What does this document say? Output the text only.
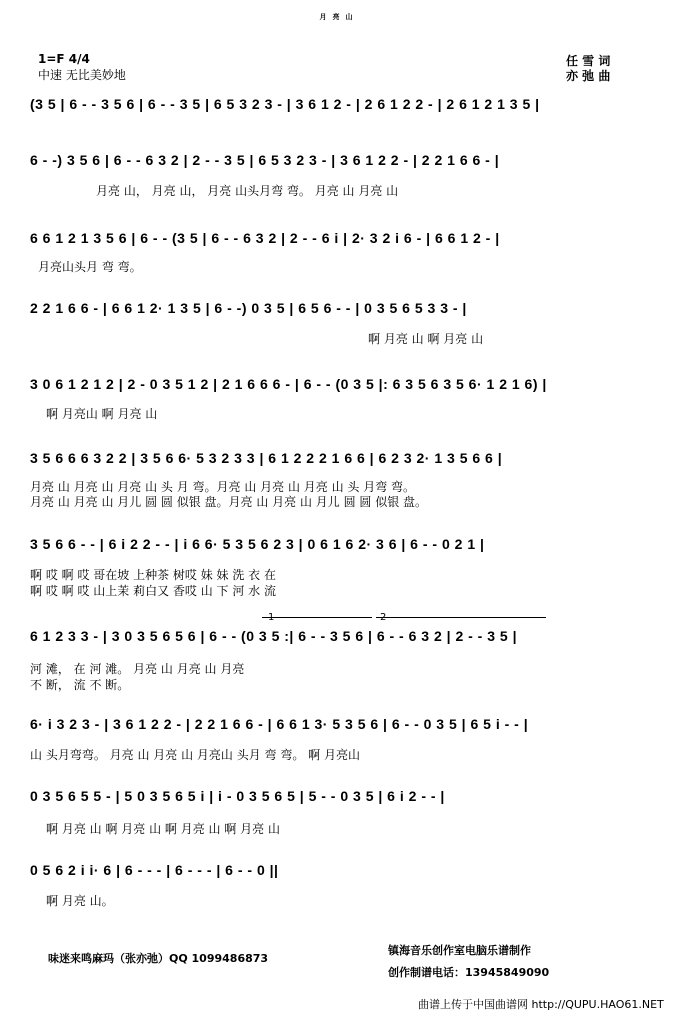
月亮山
1=F 4/4
中速 无比美妙地
任 雪 词
亦 弛 曲
(3 5 | 6 - - 3 5 6 | 6 - - 3 5 | 6 5 3 2 3 - | 3 6 1 2 - | 2 6 1 2 2 - | 2 6 1 2 1 3 5 |
6 - -) 3 5 6 | 6 - - 6 3 2 | 2 - - 3 5 | 6 5 3 2 3 - | 3 6 1 2 2 - | 2 2 1 6 6 - |
月亮 山， 月亮 山， 月亮 山头月弯 弯。 月亮 山 月亮 山
6 6 1 2 1 3 5 6 | 6 - - (3 5 | 6 - - 6 3 2 | 2 - - 6 i | 2· 3 2 i 6 - | 6 6 1 2 - |
月亮山头月 弯 弯。
2 2 1 6 6 - | 6 6 1 2· 1 3 5 | 6 - -) 0 3 5 | 6 5 6 - - | 0 3 5 6 5 3 3 - |
啊 月亮 山 啊 月亮 山
3 0 6 1 2 1 2 | 2 - 0 3 5 1 2 | 2 1 6 6 6 - | 6 - - (0 3 5 |: 6 3 5 6 3 5 6· 1 2 1 6) |
啊 月亮山 啊 月亮 山
3 5 6 6 6 3 2 2 | 3 5 6 6· 5 3 2 3 3 | 6 1 2 2 2 1 6 6 | 6 2 3 2· 1 3 5 6 6 |
月亮 山 月亮 山 月亮 山 头 月 弯。月亮 山 月亮 山 月亮 山 头 月弯 弯。
月亮 山 月亮 山 月儿 圆 圆 似银 盘。月亮 山 月亮 山 月儿 圆 圆 似银 盘。
3 5 6 6 - - | 6 i 2 2 - - | i 6 6· 5 3 5 6 2 3 | 0 6 1 6 2· 3 6 | 6 - - 0 2 1 |
啊 哎 啊 哎 哥在坡 上种茶 树哎 妹 妹 洗 衣 在
啊 哎 啊 哎 山上茉 莉白又 香哎 山 下 河 水 流
6 1 2 3 3 - | 3 0 3 5 6 5 6 | 6 - - (0 3 5 :| 6 - - 3 5 6 | 6 - - 6 3 2 | 2 - - 3 5 |
河 滩， 在 河 滩。 月亮 山 月亮 山 月亮
不 断， 流 不 断。
6· i 3 2 3 - | 3 6 1 2 2 - | 2 2 1 6 6 - | 6 6 1 3· 5 3 5 6 | 6 - - 0 3 5 | 6 5 i - - |
山 头月弯弯。 月亮 山 月亮 山 月亮山 头月 弯 弯。 啊 月亮山
0 3 5 6 5 5 - | 5 0 3 5 6 5 i | i - 0 3 5 6 5 | 5 - - 0 3 5 | 6 i 2 - - |
啊 月亮 山 啊 月亮 山 啊 月亮 山 啊 月亮 山
0 5 6 2 i i· 6 | 6 - - - | 6 - - - | 6 - - 0 ||
啊 月亮 山。
味迷来鸣麻玛（张亦弛）QQ 1099486873
镇海音乐创作室电脑乐谱制作
创作制谱电话：13945849090
曲谱上传于中国曲谱网 http://QUPU.HAO61.NET
